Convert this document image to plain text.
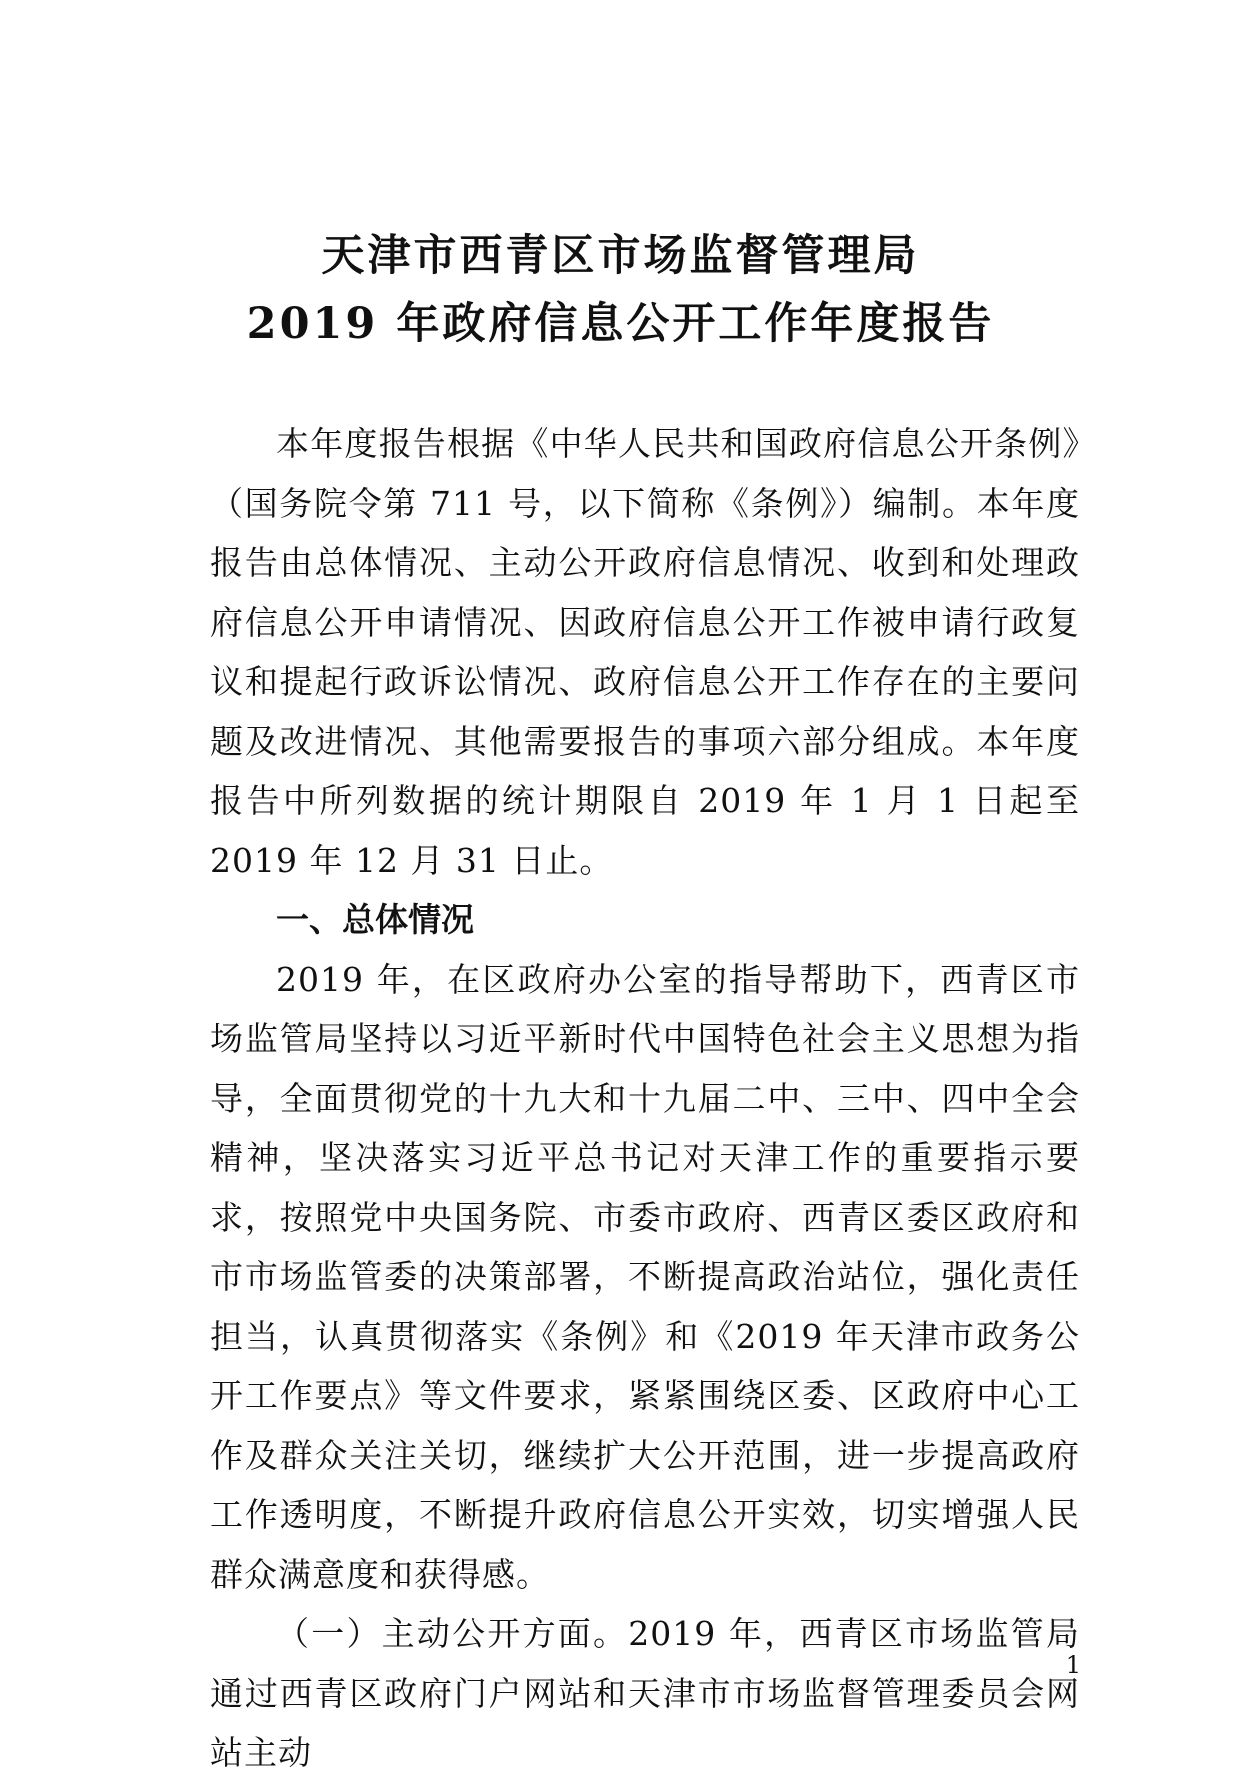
天津市西青区市场监督管理局
2019 年政府信息公开工作年度报告

本年度报告根据《中华人民共和国政府信息公开条例》（国务院令第 711 号，以下简称《条例》）编制。本年度报告由总体情况、主动公开政府信息情况、收到和处理政府信息公开申请情况、因政府信息公开工作被申请行政复议和提起行政诉讼情况、政府信息公开工作存在的主要问题及改进情况、其他需要报告的事项六部分组成。本年度报告中所列数据的统计期限自 2019 年 1 月 1 日起至 2019 年 12 月 31 日止。

一、总体情况

2019 年，在区政府办公室的指导帮助下，西青区市场监管局坚持以习近平新时代中国特色社会主义思想为指导，全面贯彻党的十九大和十九届二中、三中、四中全会精神，坚决落实习近平总书记对天津工作的重要指示要求，按照党中央国务院、市委市政府、西青区委区政府和市市场监管委的决策部署，不断提高政治站位，强化责任担当，认真贯彻落实《条例》和《2019 年天津市政务公开工作要点》等文件要求，紧紧围绕区委、区政府中心工作及群众关注关切，继续扩大公开范围，进一步提高政府工作透明度，不断提升政府信息公开实效，切实增强人民群众满意度和获得感。

（一）主动公开方面。2019 年，西青区市场监管局通过西青区政府门户网站和天津市市场监督管理委员会网站主动

1
